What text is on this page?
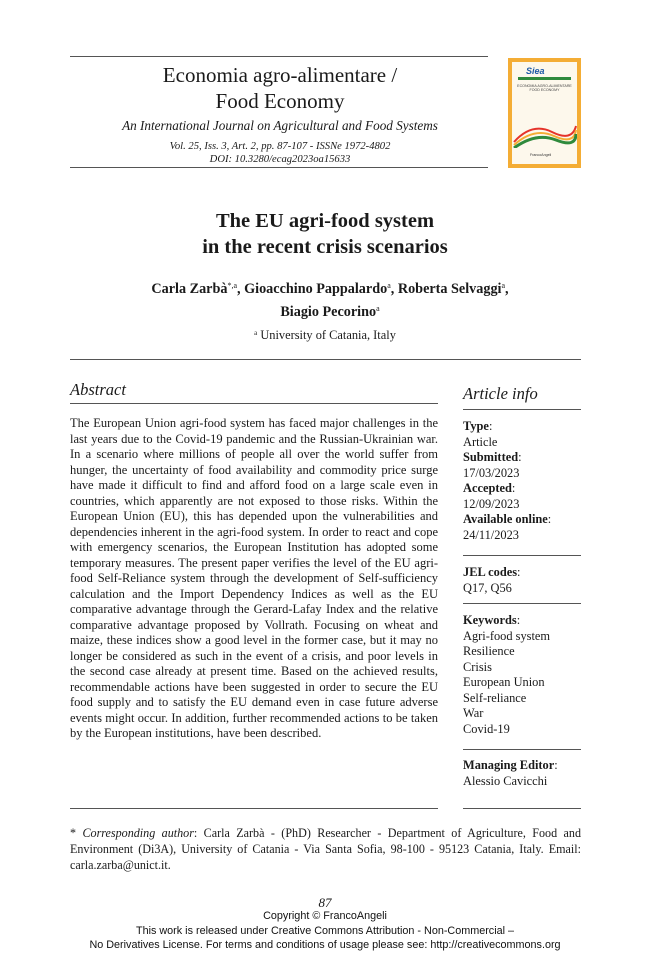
Economia agro-alimentare /
Food Economy
An International Journal on Agricultural and Food Systems
Vol. 25, Iss. 3, Art. 2, pp. 87-107 - ISSNe 1972-4802
DOI: 10.3280/ecag2023oa15633
Siea
ECONOMIA AGRO-ALIMENTARE FOOD ECONOMY
FrancoAngeli
The EU agri-food system
in the recent crisis scenarios
Carla Zarbà$^{*,a}$, Gioacchino Pappalardo$^a$, Roberta Selvaggi$^a$,
Biagio Pecorino$^a$
$^a$ University of Catania, Italy
Abstract
The European Union agri-food system has faced major challenges in the last years due to the Covid-19 pandemic and the Russian-Ukrainian war. In a scenario where millions of people all over the world suffer from hunger, the uncertainty of food availability and commodity price surge have made it difficult to find and afford food on a large scale even in countries, which apparently are not exposed to those risks. Within the European Union (EU), this has depended upon the vulnerabilities and dependencies inherent in the agri-food system. In order to react and cope with emergency scenarios, the European Institution has adopted some temporary measures. The present paper verifies the level of the EU agri-food Self-Reliance system through the development of Self-sufficiency calculation and the Import Dependency Indices as well as the EU comparative advantage through the Gerard-Lafay Index and the relative comparative advantage proposed by Vollrath. Focusing on wheat and maize, these indices show a good level in the former case, but it may no longer be considered as such in the event of a crisis, and poor levels in the second case already at present time. Based on the achieved results, recommendable actions have been suggested in order to secure the EU food supply and to satisfy the EU demand even in case future adverse events might occur. In addition, further recommended actions to be taken by the European institutions, have been described.
Article info
Type :
Article
Submitted :
17/03/2023
Accepted :
12/09/2023
Available online :
24/11/2023
JEL codes :
Q17, Q56
Keywords :
Agri-food system
Resilience
Crisis
European Union
Self-reliance
War
Covid-19
Managing Editor :
Alessio Cavicchi
* Corresponding author: Carla Zarbà - (PhD) Researcher - Department of Agriculture, Food and Environment (Di3A), University of Catania - Via Santa Sofia, 98-100 - 95123 Catania, Italy. Email: carla.zarba@unict.it.
87
Copyright © FrancoAngeli
This work is released under Creative Commons Attribution - Non-Commercial –
No Derivatives License. For terms and conditions of usage please see: http://creativecommons.org
